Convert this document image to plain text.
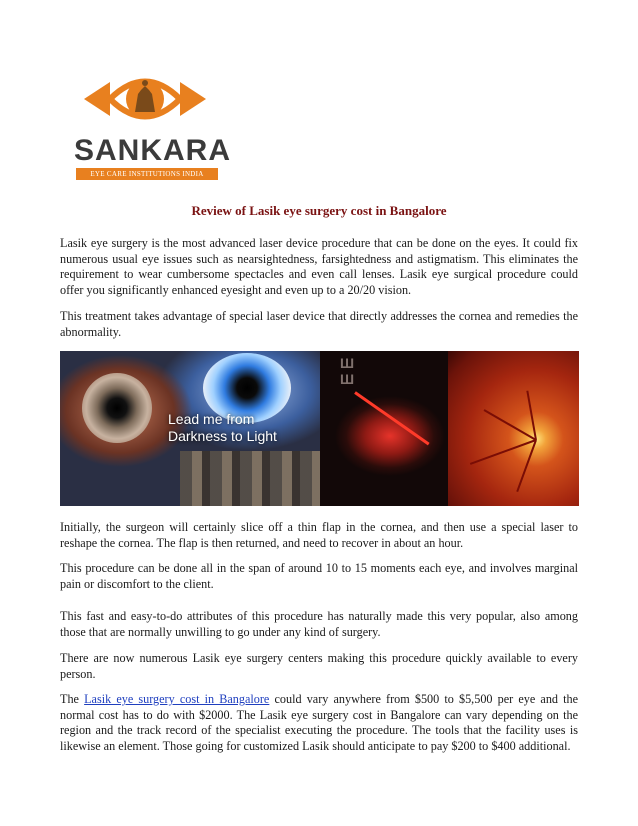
SANKARA
EYE CARE INSTITUTIONS INDIA
Review of Lasik eye surgery cost in Bangalore

Lasik eye surgery is the most advanced laser device procedure that can be done on the eyes. It could fix numerous usual eye issues such as nearsightedness, farsightedness and astigmatism. This eliminates the requirement to wear cumbersome spectacles and even call lenses. Lasik eye surgical procedure could offer you significantly enhanced eyesight and even up to a 20/20 vision.

This treatment takes advantage of special laser device that directly addresses the cornea and remedies the abnormality.

Lead me from
Darkness to Light
Ш
Ш

Initially, the surgeon will certainly slice off a thin flap in the cornea, and then use a special laser to reshape the cornea. The flap is then returned, and need to recover in about an hour.

This procedure can be done all in the span of around 10 to 15 moments each eye, and involves marginal pain or discomfort to the client.

This fast and easy-to-do attributes of this procedure has naturally made this very popular, also among those that are normally unwilling to go under any kind of surgery.

There are now numerous Lasik eye surgery centers making this procedure quickly available to every person.

The Lasik eye surgery cost in Bangalore could vary anywhere from $500 to $5,500 per eye and the normal cost has to do with $2000. The Lasik eye surgery cost in Bangalore can vary depending on the region and the track record of the specialist executing the procedure. The tools that the facility uses is likewise an element. Those going for customized Lasik should anticipate to pay $200 to $400 additional.
